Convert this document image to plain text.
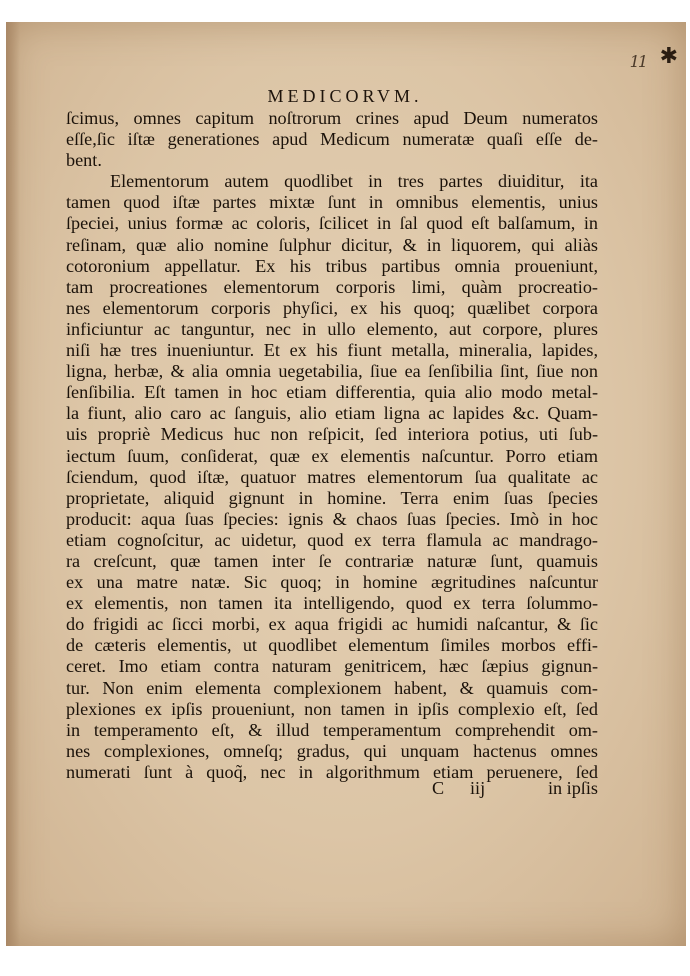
11 ✱
MEDICORVM.
ſcimus, omnes capitum noſtrorum crines apud Deum numeratos
eſſe,ſic iſtæ generationes apud Medicum numeratæ quaſi eſſe de-
bent.
Elementorum autem quodlibet in tres partes diuiditur, ita
tamen quod iſtæ partes mixtæ ſunt in omnibus elementis, unius
ſpeciei, unius formæ ac coloris, ſcilicet in ſal quod eſt balſamum, in
reſinam, quæ alio nomine ſulphur dicitur, & in liquorem, qui aliàs
cotoronium appellatur. Ex his tribus partibus omnia proueniunt,
tam procreationes elementorum corporis limi, quàm procreatio-
nes elementorum corporis phyſici, ex his quoq; quælibet corpora
inficiuntur ac tanguntur, nec in ullo elemento, aut corpore, plures
niſi hæ tres inueniuntur. Et ex his fiunt metalla, mineralia, lapides,
ligna, herbæ, & alia omnia uegetabilia, ſiue ea ſenſibilia ſint, ſiue non
ſenſibilia. Eſt tamen in hoc etiam differentia, quia alio modo metal-
la fiunt, alio caro ac ſanguis, alio etiam ligna ac lapides &c. Quam-
uis propriè Medicus huc non reſpicit, ſed interiora potius, uti ſub-
iectum ſuum, conſiderat, quæ ex elementis naſcuntur. Porro etiam
ſciendum, quod iſtæ, quatuor matres elementorum ſua qualitate ac
proprietate, aliquid gignunt in homine. Terra enim ſuas ſpecies
producit: aqua ſuas ſpecies: ignis & chaos ſuas ſpecies. Imò in hoc
etiam cognoſcitur, ac uidetur, quod ex terra flamula ac mandrago-
ra creſcunt, quæ tamen inter ſe contrariæ naturæ ſunt, quamuis
ex una matre natæ. Sic quoq; in homine ægritudines naſcuntur
ex elementis, non tamen ita intelligendo, quod ex terra ſolummo-
do frigidi ac ſicci morbi, ex aqua frigidi ac humidi naſcantur, & ſic
de cæteris elementis, ut quodlibet elementum ſimiles morbos effi-
ceret. Imo etiam contra naturam genitricem, hæc ſæpius gignun-
tur. Non enim elementa complexionem habent, & quamuis com-
plexiones ex ipſis proueniunt, non tamen in ipſis complexio eſt, ſed
in temperamento eſt, & illud temperamentum comprehendit om-
nes complexiones, omneſq; gradus, qui unquam hactenus omnes
numerati ſunt à quoq̃, nec in algorithmum etiam peruenere, ſed
C iij	in ipſis
